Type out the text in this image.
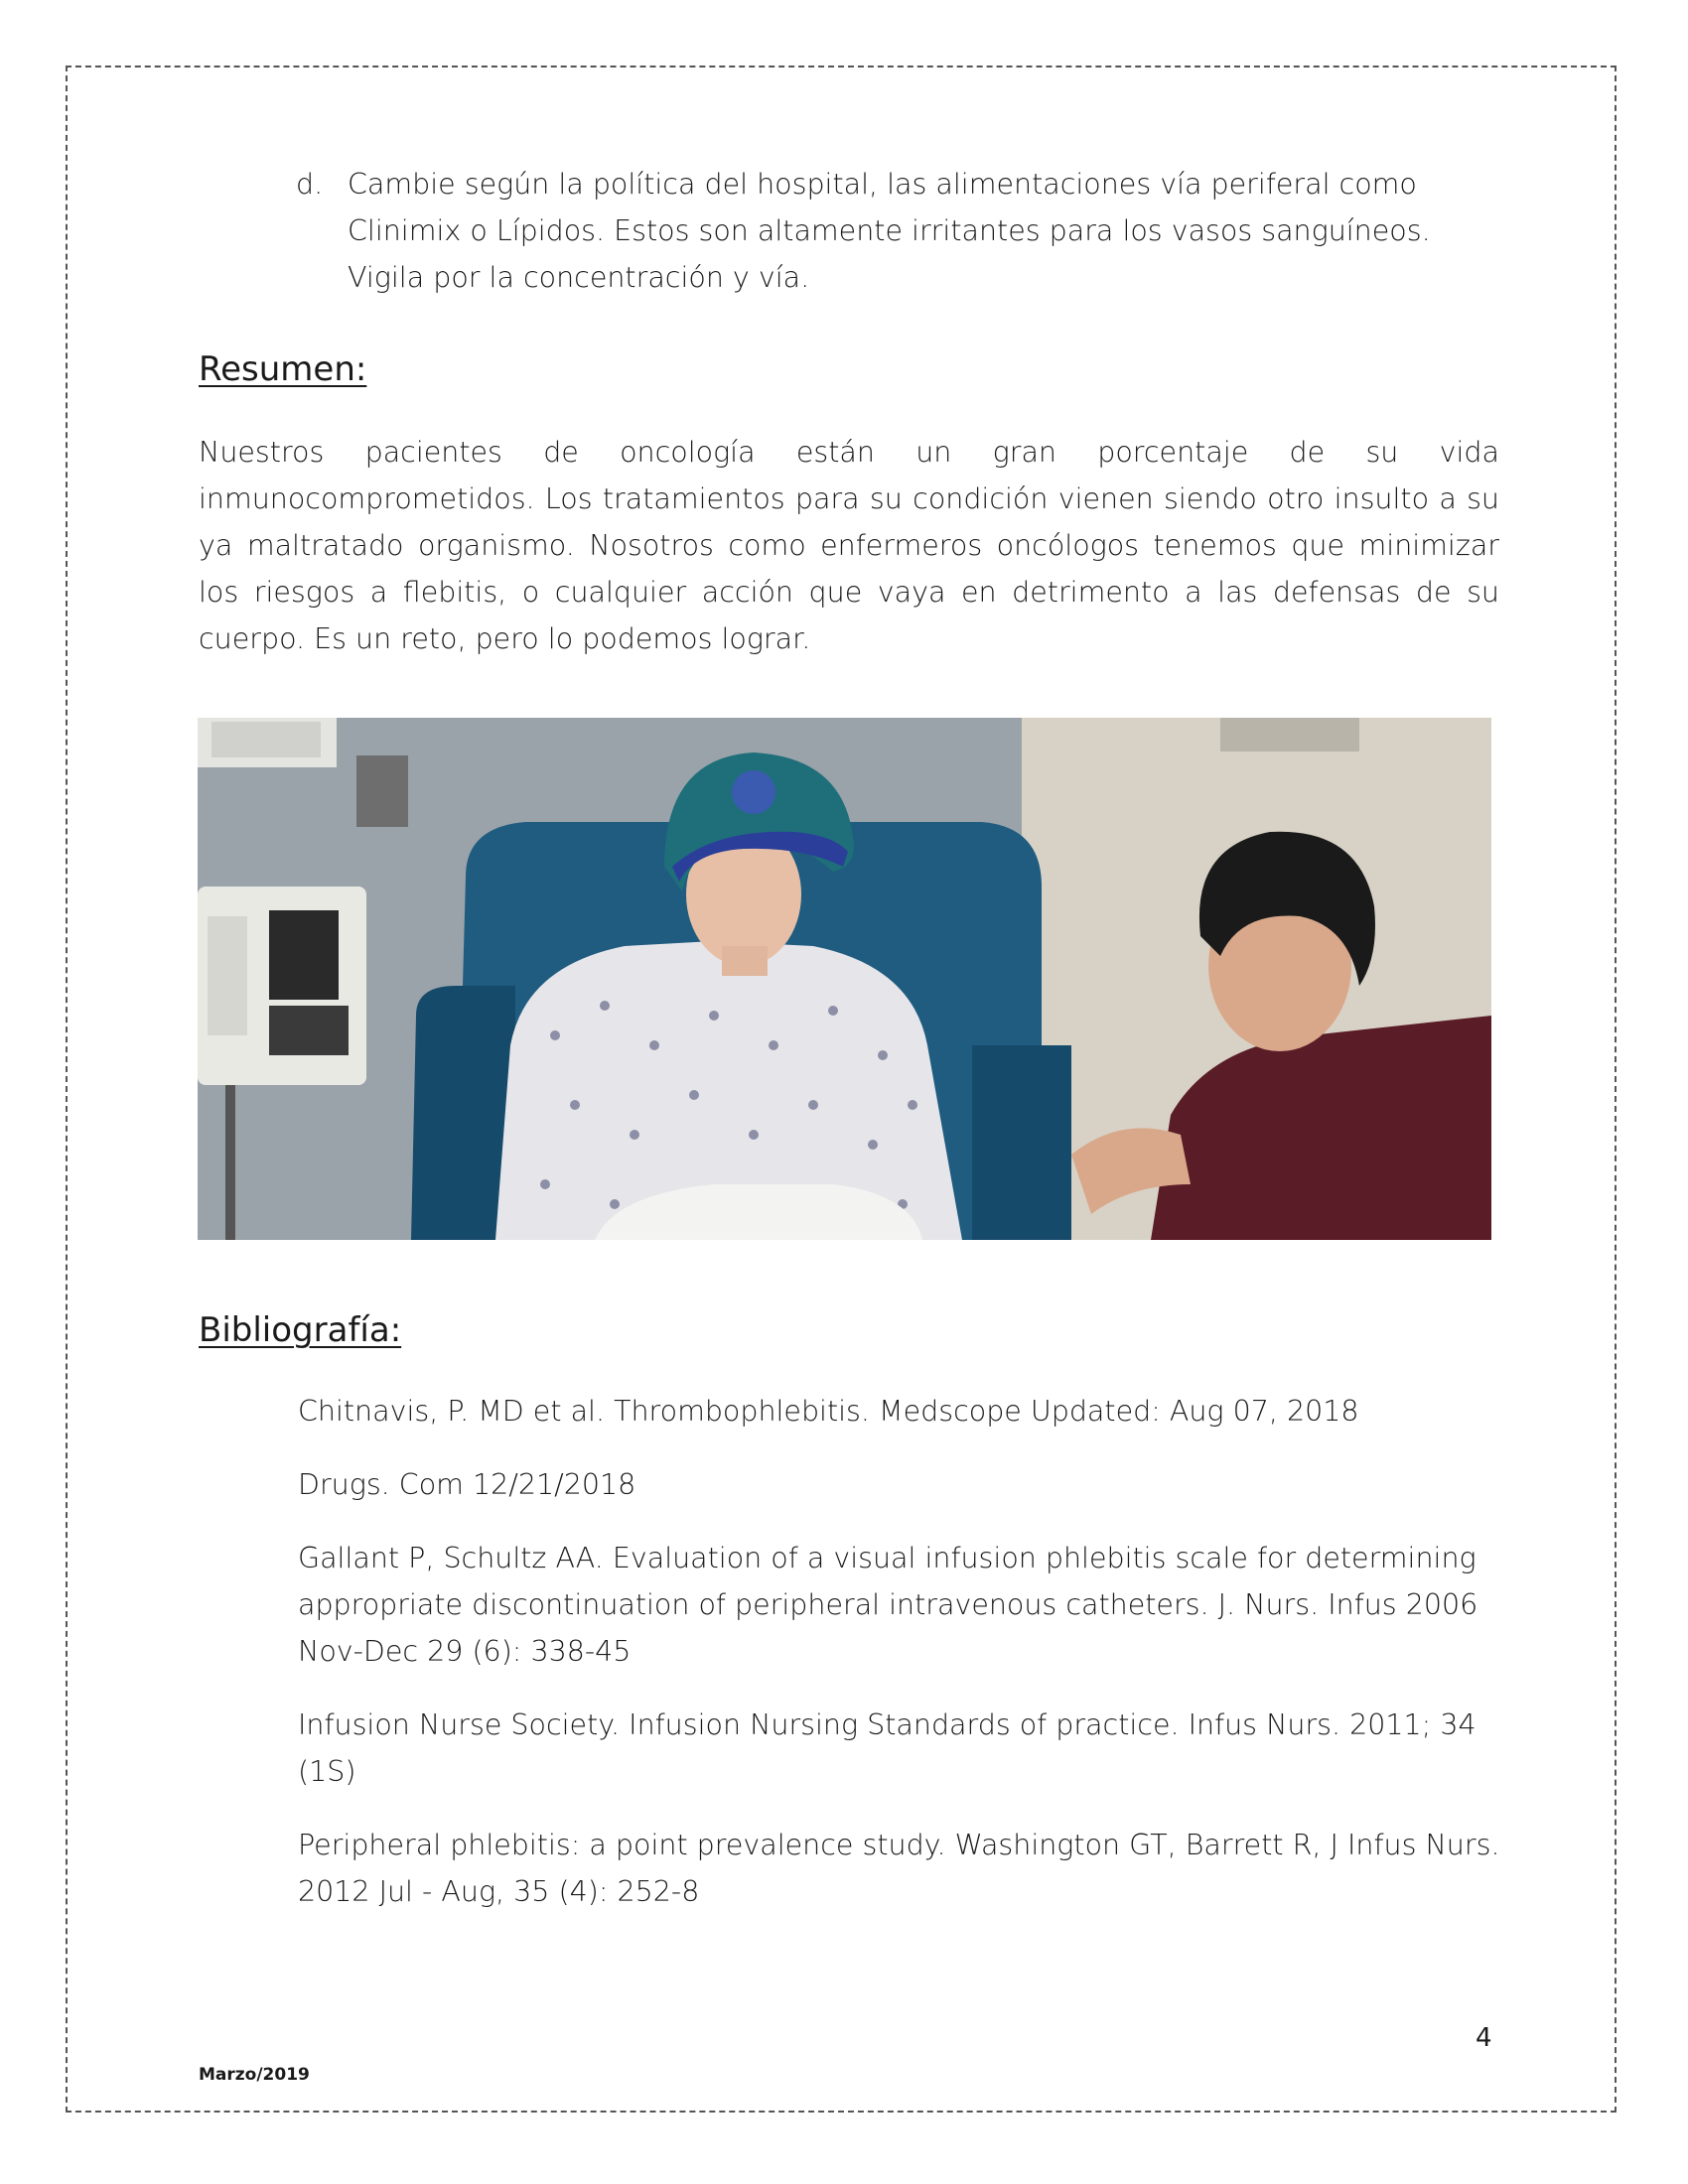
d. Cambie según la política del hospital, las alimentaciones vía periferal como Clinimix o Lípidos. Estos son altamente irritantes para los vasos sanguíneos. Vigila por la concentración y vía.
Resumen:
Nuestros pacientes de oncología están un gran porcentaje de su vida inmunocomprometidos. Los tratamientos para su condición vienen siendo otro insulto a su ya maltratado organismo. Nosotros como enfermeros oncólogos tenemos que minimizar los riesgos a flebitis, o cualquier acción que vaya en detrimento a las defensas de su cuerpo. Es un reto, pero lo podemos lograr.
Bibliografía:
Chitnavis, P. MD et al. Thrombophlebitis. Medscope Updated: Aug 07, 2018
Drugs. Com 12/21/2018
Gallant P, Schultz AA. Evaluation of a visual infusion phlebitis scale for determining appropriate discontinuation of peripheral intravenous catheters. J. Nurs. Infus 2006 Nov-Dec 29 (6): 338-45
Infusion Nurse Society. Infusion Nursing Standards of practice. Infus Nurs. 2011; 34 (1S)
Peripheral phlebitis: a point prevalence study. Washington GT, Barrett R, J Infus Nurs. 2012 Jul - Aug, 35 (4): 252-8
4
Marzo/2019
